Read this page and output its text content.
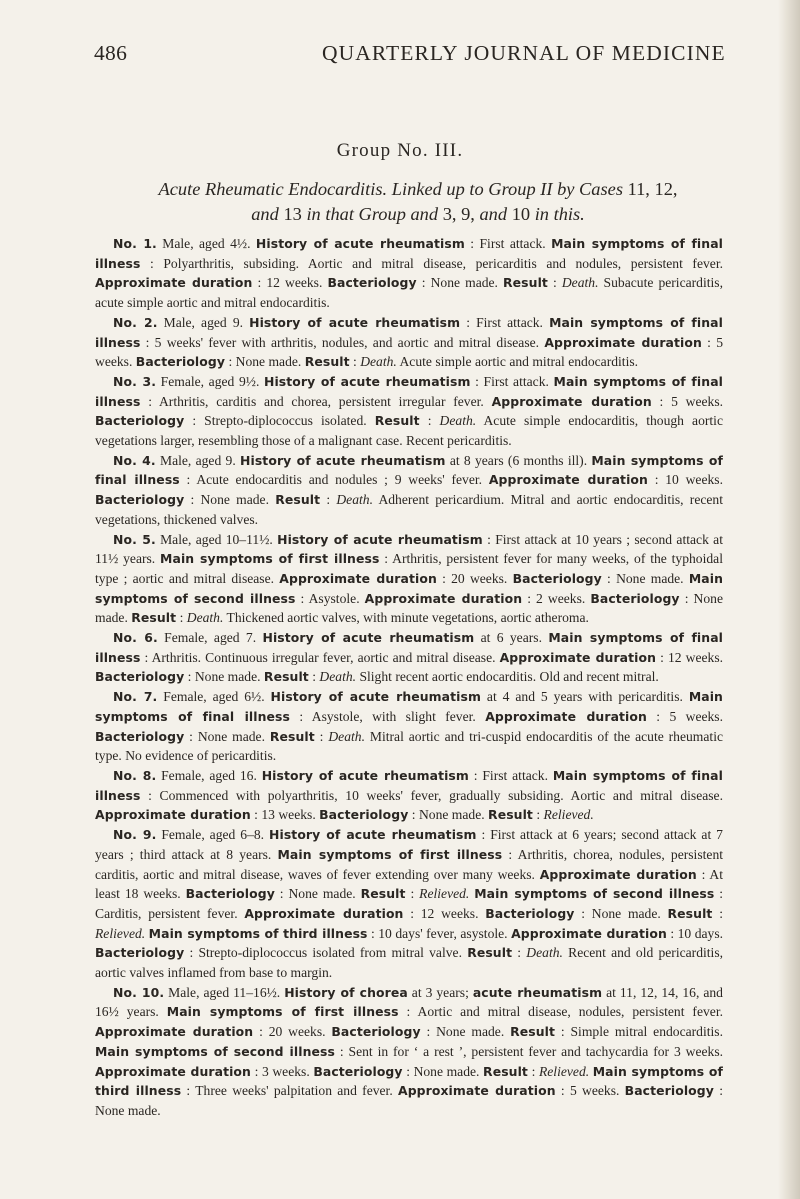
486	QUARTERLY JOURNAL OF MEDICINE
Group No. III.
Acute Rheumatic Endocarditis. Linked up to Group II by Cases 11, 12,
and 13 in that Group and 3, 9, and 10 in this.

No. 1. Male, aged 4½. History of acute rheumatism : First attack. Main symptoms of final illness : Polyarthritis, subsiding. Aortic and mitral disease, pericarditis and nodules, persistent fever. Approximate duration : 12 weeks. Bacteriology : None made. Result : Death. Subacute pericarditis, acute simple aortic and mitral endocarditis.

No. 2. Male, aged 9. History of acute rheumatism : First attack. Main symptoms of final illness : 5 weeks' fever with arthritis, nodules, and aortic and mitral disease. Approximate duration : 5 weeks. Bacteriology : None made. Result : Death. Acute simple aortic and mitral endocarditis.

No. 3. Female, aged 9½. History of acute rheumatism : First attack. Main symptoms of final illness : Arthritis, carditis and chorea, persistent irregular fever. Approximate duration : 5 weeks. Bacteriology : Strepto-diplococcus isolated. Result : Death. Acute simple endocarditis, though aortic vegetations larger, resembling those of a malignant case. Recent pericarditis.

No. 4. Male, aged 9. History of acute rheumatism at 8 years (6 months ill). Main symptoms of final illness : Acute endocarditis and nodules ; 9 weeks' fever. Approximate duration : 10 weeks. Bacteriology : None made. Result : Death. Adherent pericardium. Mitral and aortic endocarditis, recent vegetations, thickened valves.

No. 5. Male, aged 10–11½. History of acute rheumatism : First attack at 10 years ; second attack at 11½ years. Main symptoms of first illness : Arthritis, persistent fever for many weeks, of the typhoidal type ; aortic and mitral disease. Approximate duration : 20 weeks. Bacteriology : None made. Main symptoms of second illness : Asystole. Approximate duration : 2 weeks. Bacteriology : None made. Result : Death. Thickened aortic valves, with minute vegetations, aortic atheroma.

No. 6. Female, aged 7. History of acute rheumatism at 6 years. Main symptoms of final illness : Arthritis. Continuous irregular fever, aortic and mitral disease. Approximate duration : 12 weeks. Bacteriology : None made. Result : Death. Slight recent aortic endocarditis. Old and recent mitral.

No. 7. Female, aged 6½. History of acute rheumatism at 4 and 5 years with pericarditis. Main symptoms of final illness : Asystole, with slight fever. Approximate duration : 5 weeks. Bacteriology : None made. Result : Death. Mitral aortic and tri-cuspid endocarditis of the acute rheumatic type. No evidence of pericarditis.

No. 8. Female, aged 16. History of acute rheumatism : First attack. Main symptoms of final illness : Commenced with polyarthritis, 10 weeks' fever, gradually subsiding. Aortic and mitral disease. Approximate duration : 13 weeks. Bacteriology : None made. Result : Relieved.

No. 9. Female, aged 6–8. History of acute rheumatism : First attack at 6 years; second attack at 7 years ; third attack at 8 years. Main symptoms of first illness : Arthritis, chorea, nodules, persistent carditis, aortic and mitral disease, waves of fever extending over many weeks. Approximate duration : At least 18 weeks. Bacteriology : None made. Result : Relieved. Main symptoms of second illness : Carditis, persistent fever. Approximate duration : 12 weeks. Bacteriology : None made. Result : Relieved. Main symptoms of third illness : 10 days' fever, asystole. Approximate duration : 10 days. Bacteriology : Strepto-diplococcus isolated from mitral valve. Result : Death. Recent and old pericarditis, aortic valves inflamed from base to margin.

No. 10. Male, aged 11–16½. History of chorea at 3 years; acute rheumatism at 11, 12, 14, 16, and 16½ years. Main symptoms of first illness : Aortic and mitral disease, nodules, persistent fever. Approximate duration : 20 weeks. Bacteriology : None made. Result : Simple mitral endocarditis. Main symptoms of second illness : Sent in for ‘ a rest ’, persistent fever and tachycardia for 3 weeks. Approximate duration : 3 weeks. Bacteriology : None made. Result : Relieved. Main symptoms of third illness : Three weeks' palpitation and fever. Approximate duration : 5 weeks. Bacteriology : None made.
